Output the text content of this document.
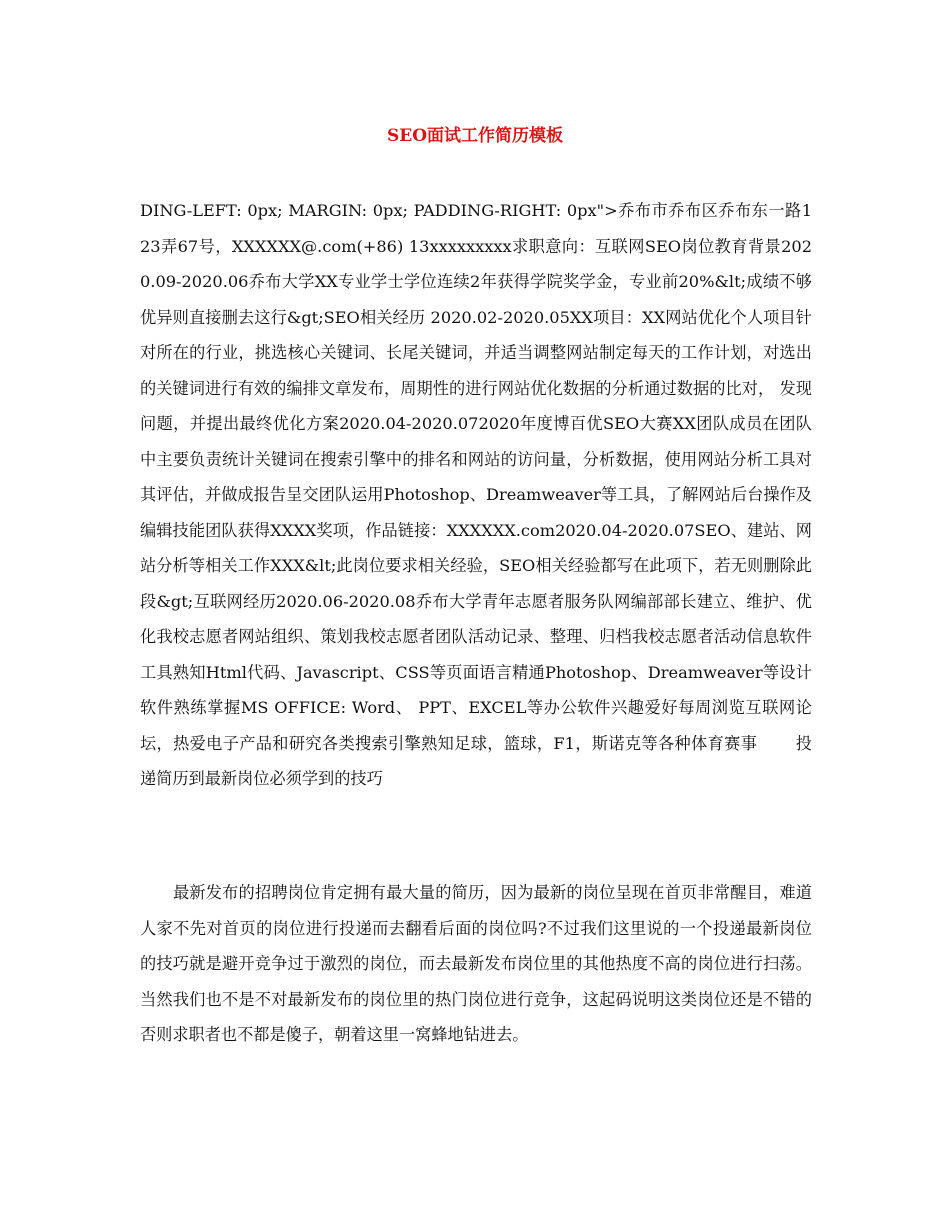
SEO面试工作简历模板

DING-LEFT: 0px; MARGIN: 0px; PADDING-RIGHT: 0px">乔布市乔布区乔布东一路123弄67号，XXXXXX@.com(+86) 13xxxxxxxxx求职意向：互联网SEO岗位教育背景2020.09-2020.06乔布大学XX专业学士学位连续2年获得学院奖学金，专业前20%&lt;成绩不够优异则直接删去这行&gt;SEO相关经历 2020.02-2020.05XX项目：XX网站优化个人项目针对所在的行业，挑选核心关键词、长尾关键词，并适当调整网站制定每天的工作计划，对选出的关键词进行有效的编排文章发布，周期性的进行网站优化数据的分析通过数据的比对， 发现问题，并提出最终优化方案2020.04-2020.072020年度博百优SEO大赛XX团队成员在团队中主要负责统计关键词在搜索引擎中的排名和网站的访问量，分析数据，使用网站分析工具对其评估，并做成报告呈交团队运用Photoshop、Dreamweaver等工具，了解网站后台操作及编辑技能团队获得XXXX奖项，作品链接：XXXXXX.com2020.04-2020.07SEO、建站、网站分析等相关工作XXX&lt;此岗位要求相关经验，SEO相关经验都写在此项下，若无则删除此段&gt;互联网经历2020.06-2020.08乔布大学青年志愿者服务队网编部部长建立、维护、优化我校志愿者网站组织、策划我校志愿者团队活动记录、整理、归档我校志愿者活动信息软件工具熟知Html代码、Javascript、CSS等页面语言精通Photoshop、Dreamweaver等设计软件熟练掌握MS OFFICE: Word、 PPT、EXCEL等办公软件兴趣爱好每周浏览互联网论坛，热爱电子产品和研究各类搜索引擎熟知足球，篮球，F1，斯诺克等各种体育赛事 　　投递简历到最新岗位必须学到的技巧

最新发布的招聘岗位肯定拥有最大量的简历，因为最新的岗位呈现在首页非常醒目，难道人家不先对首页的岗位进行投递而去翻看后面的岗位吗?不过我们这里说的一个投递最新岗位的技巧就是避开竞争过于激烈的岗位，而去最新发布岗位里的其他热度不高的岗位进行扫荡。当然我们也不是不对最新发布的岗位里的热门岗位进行竞争，这起码说明这类岗位还是不错的否则求职者也不都是傻子，朝着这里一窝蜂地钻进去。
